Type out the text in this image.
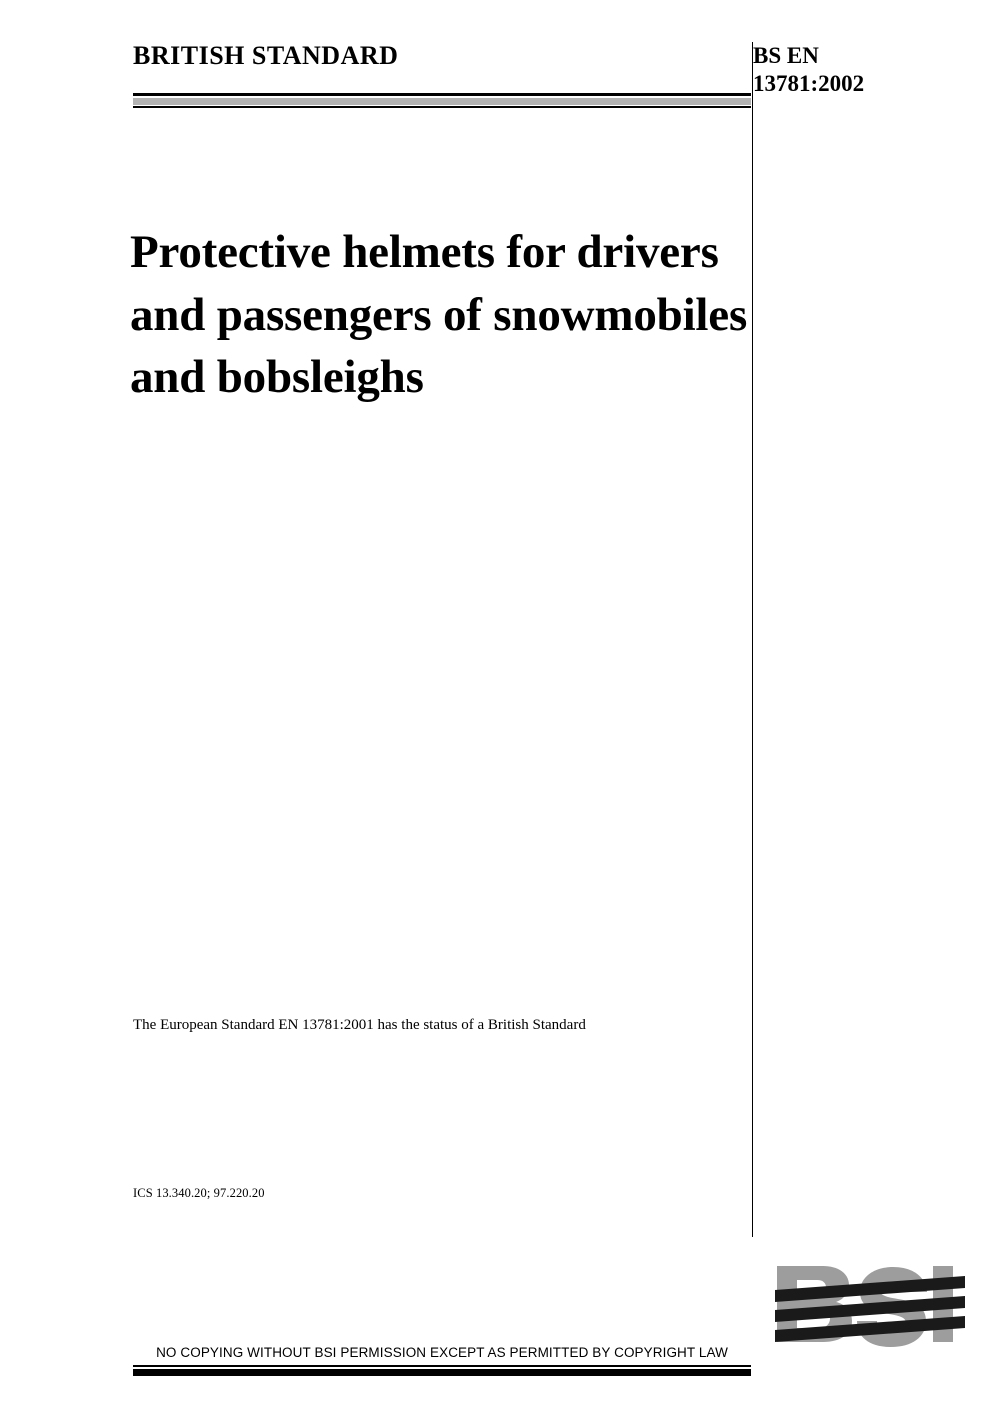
BRITISH STANDARD	BS EN
13781:2002
Protective helmets for drivers and passengers of snowmobiles and bobsleighs
The European Standard EN 13781:2001 has the status of a British Standard
ICS 13.340.20; 97.220.20
NO COPYING WITHOUT BSI PERMISSION EXCEPT AS PERMITTED BY COPYRIGHT LAW
